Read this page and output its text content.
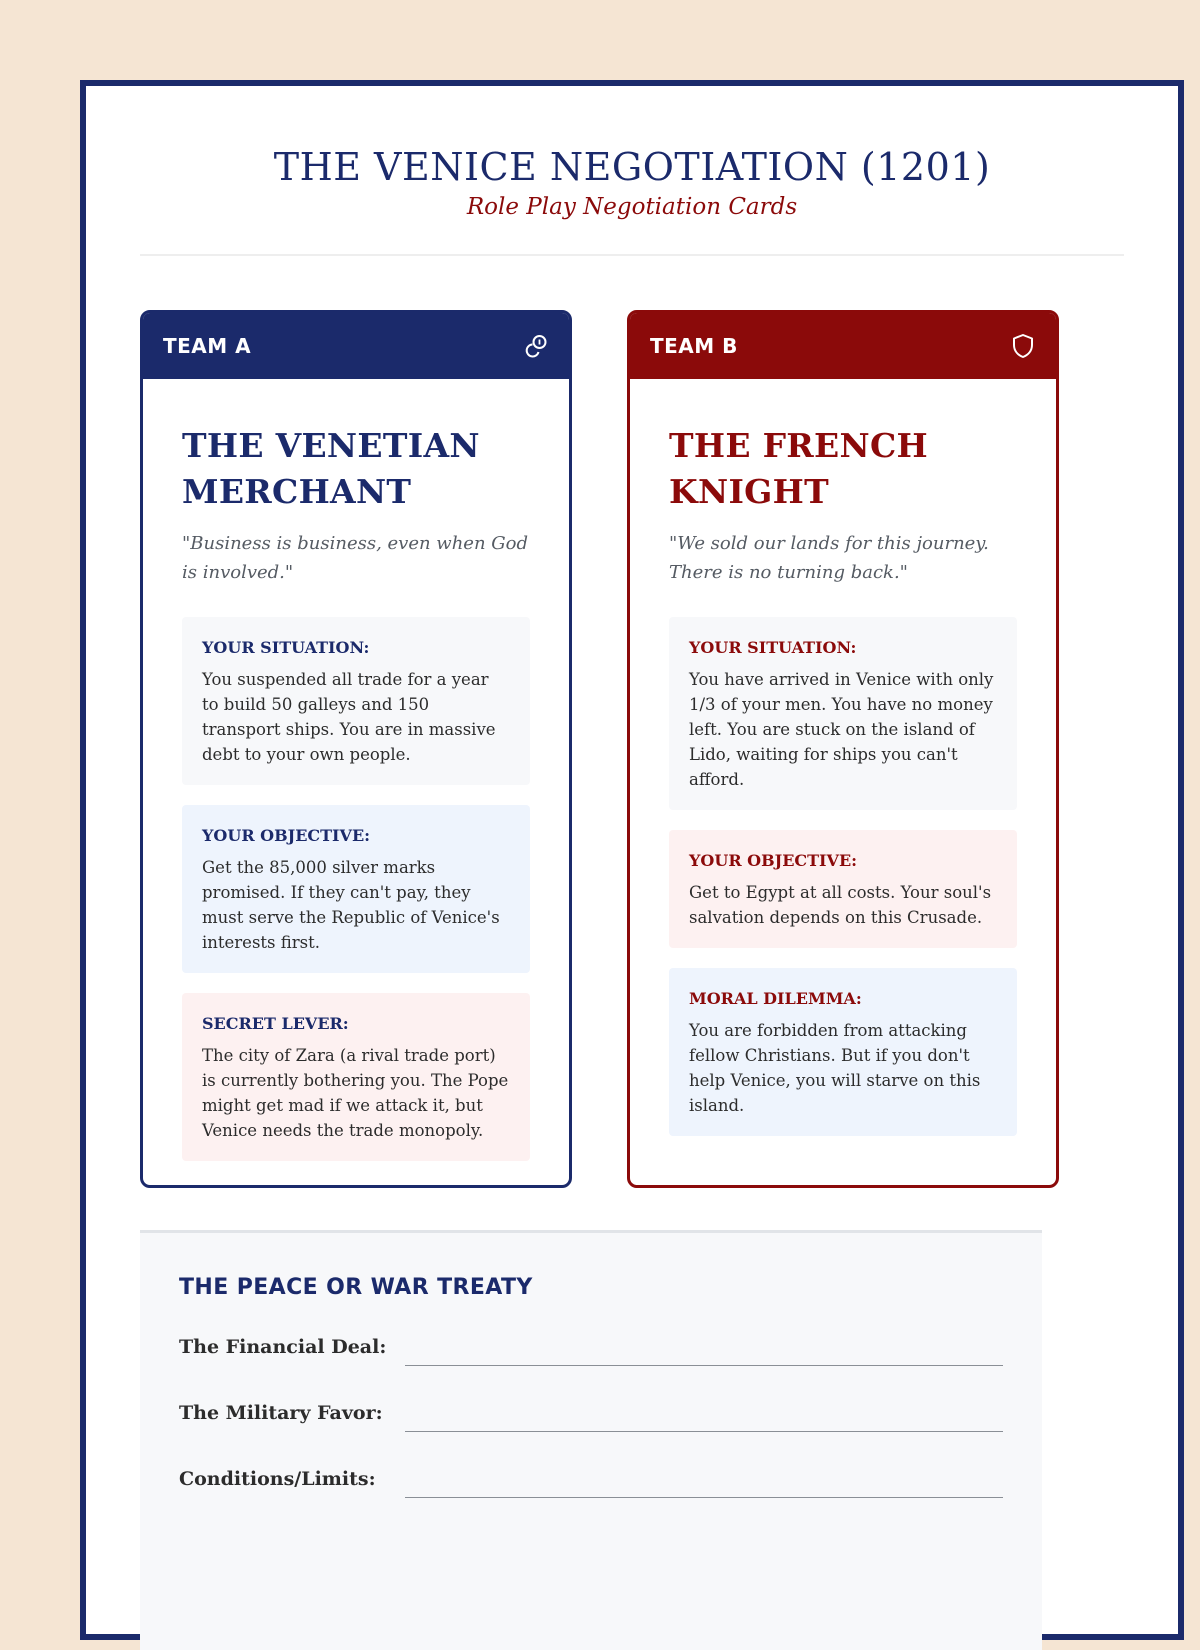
THE VENICE NEGOTIATION (1201)
Role Play Negotiation Cards
TEAM A
THE VENETIAN
MERCHANT
"Business is business, even when God is involved."
YOUR SITUATION:
You suspended all trade for a year to build 50 galleys and 150 transport ships. You are in massive debt to your own people.
YOUR OBJECTIVE:
Get the 85,000 silver marks promised. If they can't pay, they must serve the Republic of Venice's interests first.
SECRET LEVER:
The city of Zara (a rival trade port) is currently bothering you. The Pope might get mad if we attack it, but Venice needs the trade monopoly.
TEAM B
THE FRENCH
KNIGHT
"We sold our lands for this journey. There is no turning back."
YOUR SITUATION:
You have arrived in Venice with only 1/3 of your men. You have no money left. You are stuck on the island of Lido, waiting for ships you can't afford.
YOUR OBJECTIVE:
Get to Egypt at all costs. Your soul's salvation depends on this Crusade.
MORAL DILEMMA:
You are forbidden from attacking fellow Christians. But if you don't help Venice, you will starve on this island.
THE PEACE OR WAR TREATY
The Financial Deal:
The Military Favor:
Conditions/Limits:
